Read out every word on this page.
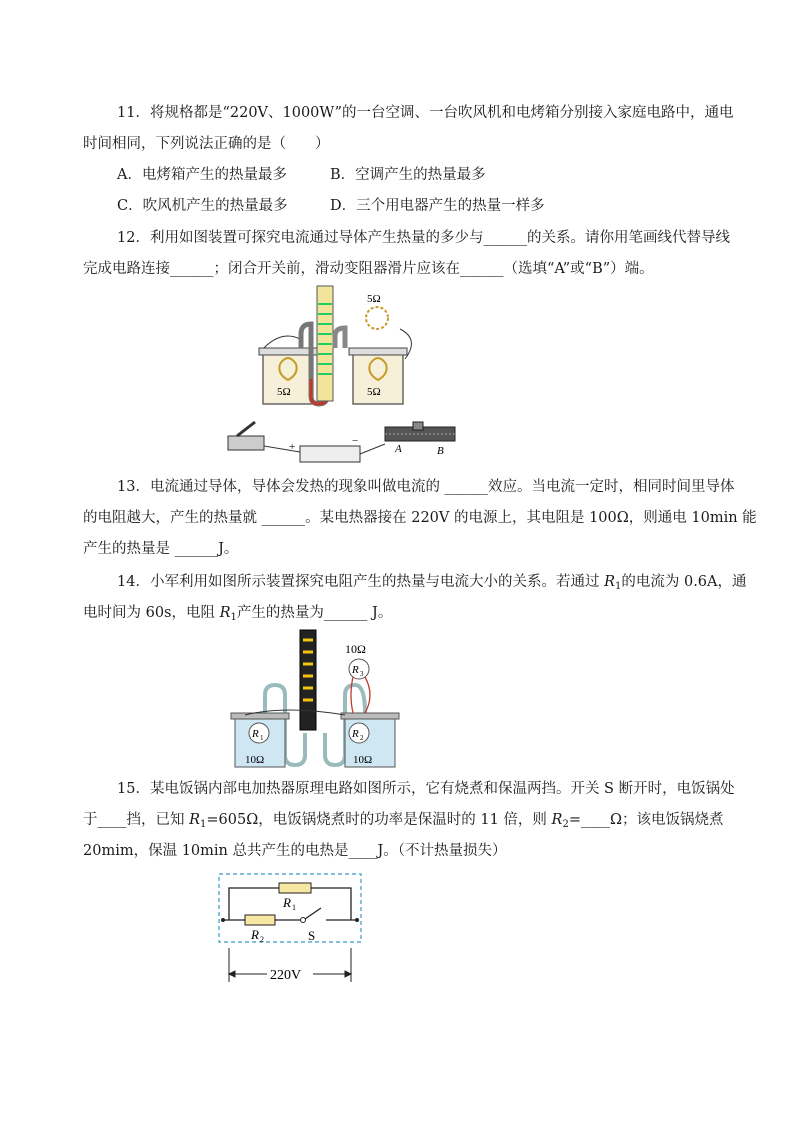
11．将规格都是“220V、1000W”的一台空调、一台吹风机和电烤箱分别接入家庭电路中，通电
时间相同，下列说法正确的是（　　）
A．电烤箱产生的热量最多	B．空调产生的热量最多
C．吹风机产生的热量最多	D．三个用电器产生的热量一样多
12．利用如图装置可探究电流通过导体产生热量的多少与______的关系。请你用笔画线代替导线
完成电路连接______；闭合开关前，滑动变阻器滑片应该在______（选填“A”或“B”）端。
5Ω	5Ω
5Ω
+	−
A	B
13．电流通过导体，导体会发热的现象叫做电流的 ______效应。当电流一定时，相同时间里导体
的电阻越大，产生的热量就 ______。某电热器接在 220V 的电源上，其电阻是 100Ω，则通电 10min 能
产生的热量是 ______J。
14．小军利用如图所示装置探究电阻产生的热量与电流大小的关系。若通过 $R_1$的电流为 0.6A，通
电时间为 60s，电阻 $R_1$产生的热量为______ J。
R 1
10Ω
R 2
10Ω
R 3
10Ω
15．某电饭锅内部电加热器原理电路如图所示，它有烧煮和保温两挡。开关 S 断开时，电饭锅处
于____挡，已知 $R_1=605\Omega$，电饭锅烧煮时的功率是保温时的 11 倍，则 $R_2=\_\_\_\_\Omega$；该电饭锅烧煮
20mim，保温 10min 总共产生的电热是____J。（不计热量损失）
R 1
R 2	S
220V
